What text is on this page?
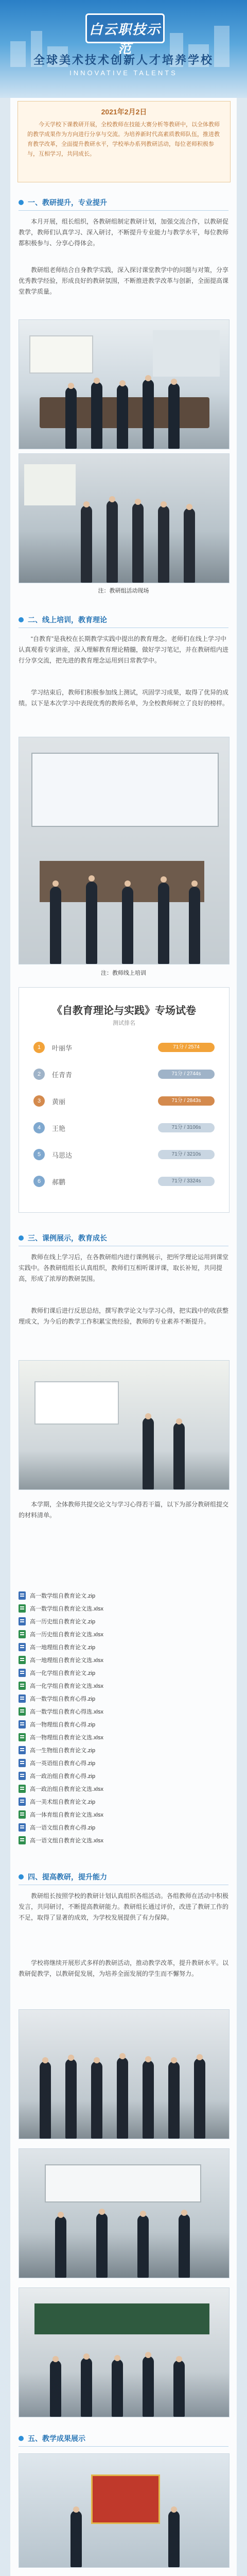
白云职技示范
全球美术技术创新人才培养学校
INNOVATIVE TALENTS
2021年2月2日
今天学校下课教研开展，全校教师在技能大赛分析等教研中，以全体教师的教学成果作为方向进行分享与交流。为培养新时代高素质教师队伍，推进教育教学改革，全面提升教研水平，学校举办系列教研活动，每位老师积极参与，互相学习，共同成长。
一、教研提升，专业提升
本月开展，组长组织，各教研组制定教研计划，加强交流合作，以教研促教学，教师们认真学习、深入研讨，不断提升专业能力与教学水平，每位教师都积极参与、分享心得体会。
教研组老师结合自身教学实践，深入探讨课堂教学中的问题与对策，分享优秀教学经验，形成良好的教研氛围，不断推进教学改革与创新，全面提高课堂教学质量。
注：教研组活动现场
二、线上培训，教育理论
“自教育”是我校在长期教学实践中提出的教育理念。老师们在线上学习中认真观看专家讲座，深入理解教育理论精髓，做好学习笔记，并在教研组内进行分享交流，把先进的教育理念运用到日常教学中。
学习结束后，教师们积极参加线上测试，巩固学习成果，取得了优异的成绩。以下是本次学习中表现优秀的教师名单，为全校教师树立了良好的榜样。
注：教师线上培训
《自教育理论与实践》专场试卷
测试排名
1	叶丽华	71分 / 2574
2	任青青	71分 / 2744s
3	黄丽	71分 / 2843s
4	王艳	71分 / 3106s
5	马思达	71分 / 3210s
6	郝鹏	71分 / 3324s
三、课例展示，教育成长
教师在线上学习后，在各教研组内进行课例展示，把所学理论运用到课堂实践中。各教研组组长认真组织，教师们互相听课评课，取长补短，共同提高，形成了浓厚的教研氛围。
教师们课后进行反思总结，撰写教学论文与学习心得，把实践中的收获整理成文，为今后的教学工作积累宝贵经验，教师的专业素养不断提升。
本学期，全体教师共提交论文与学习心得若干篇，以下为部分教研组提交的材料清单。
高一数学组自教育论文.zip
高一数学组自教育论文选.xlsx
高一历史组自教育论文.zip
高一历史组自教育论文选.xlsx
高一地理组自教育论文.zip
高一地理组自教育论文选.xlsx
高一化学组自教育论文.zip
高一化学组自教育论文选.xlsx
高一数学组自教育心得.zip
高一数学组自教育心得选.xlsx
高一物理组自教育心得.zip
高一物理组自教育论文选.xlsx
高一生物组自教育论文.zip
高一英语组自教育心得.zip
高一政治组自教育心得.zip
高一政治组自教育论文选.xlsx
高一美术组自教育论文.zip
高一体育组自教育论文选.xlsx
高一语文组自教育心得.zip
高一语文组自教育论文选.xlsx
四、提高教研，提升能力
教研组长按照学校的教研计划认真组织各组活动。各组教师在活动中积极发言，共同研讨，不断提高教研能力。教研组长通过评价，改进了教研工作的不足，取得了显著的成效，为学校发展提供了有力保障。
学校将继续开展形式多样的教研活动，推动教学改革，提升教研水平。以教研促教学，以教研促发展，为培养全面发展的学生而不懈努力。
五、教学成果展示
